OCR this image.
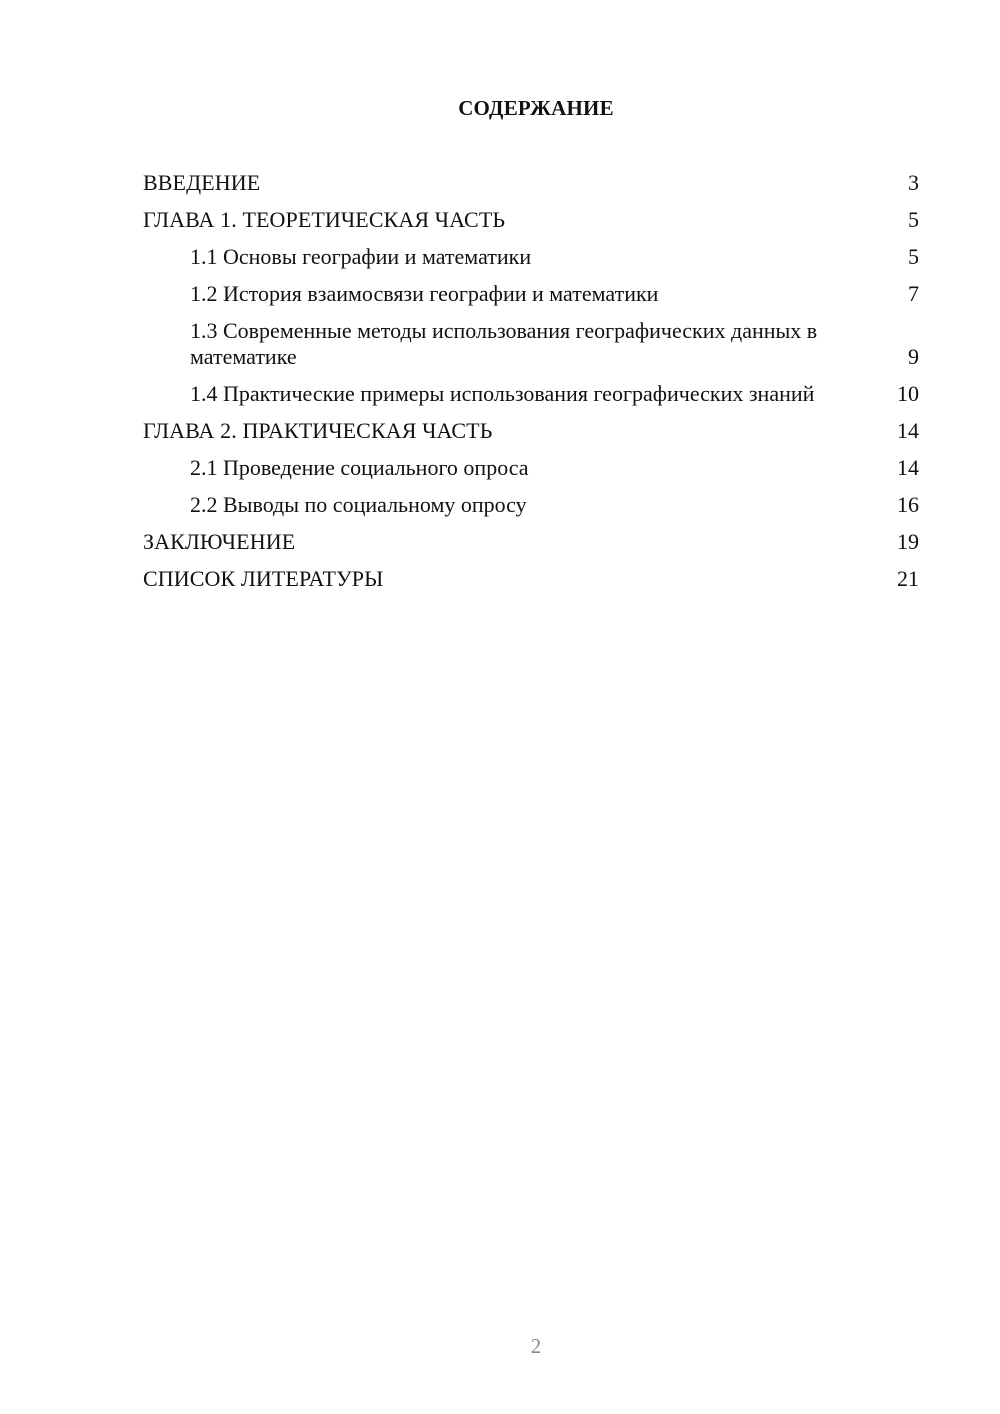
СОДЕРЖАНИЕ
ВВЕДЕНИЕ	3
ГЛАВА 1. ТЕОРЕТИЧЕСКАЯ ЧАСТЬ	5
1.1 Основы географии и математики	5
1.2 История взаимосвязи географии и математики	7
1.3 Современные методы использования географических данных в математике	9
1.4 Практические примеры использования географических знаний	10
ГЛАВА 2. ПРАКТИЧЕСКАЯ ЧАСТЬ	14
2.1 Проведение социального опроса	14
2.2 Выводы по социальному опросу	16
ЗАКЛЮЧЕНИЕ	19
СПИСОК ЛИТЕРАТУРЫ	21
2
